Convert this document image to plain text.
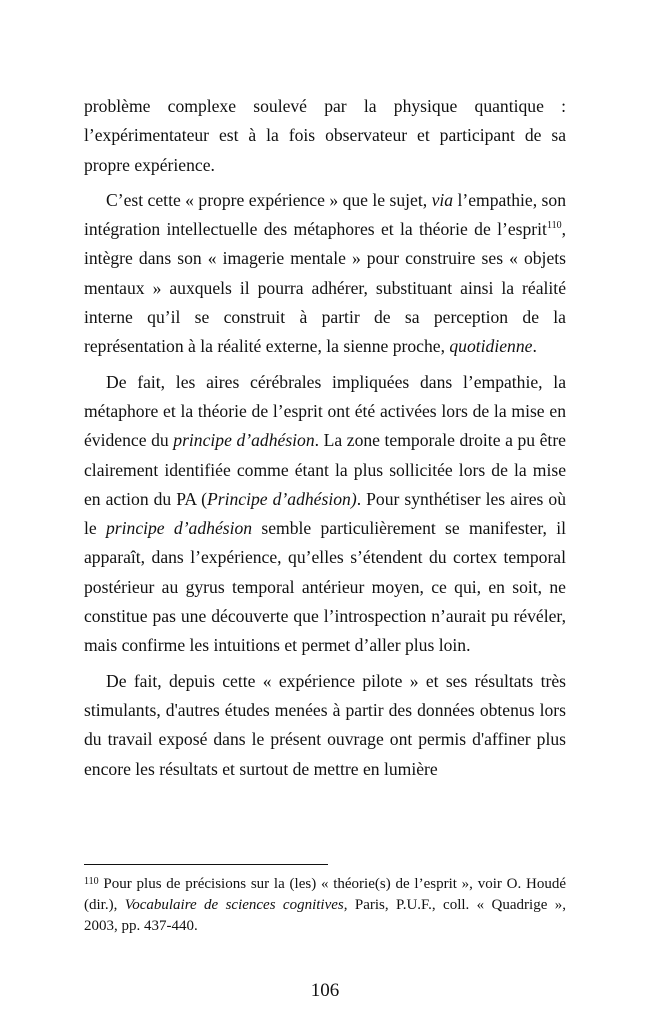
problème complexe soulevé par la physique quantique : l’expérimentateur est à la fois observateur et participant de sa propre expérience.

C’est cette « propre expérience » que le sujet, via l’empathie, son intégration intellectuelle des métaphores et la théorie de l’esprit$^{110}$, intègre dans son « imagerie mentale » pour construire ses « objets mentaux » auxquels il pourra adhérer, substituant ainsi la réalité interne qu’il se construit à partir de sa perception de la représentation à la réalité externe, la sienne proche, quotidienne.

De fait, les aires cérébrales impliquées dans l’empathie, la métaphore et la théorie de l’esprit ont été activées lors de la mise en évidence du principe d’adhésion. La zone temporale droite a pu être clairement identifiée comme étant la plus sollicitée lors de la mise en action du PA (Principe d’adhésion). Pour synthétiser les aires où le principe d’adhésion semble particulièrement se manifester, il apparaît, dans l’expérience, qu’elles s’étendent du cortex temporal postérieur au gyrus temporal antérieur moyen, ce qui, en soit, ne constitue pas une découverte que l’introspection n’aurait pu révéler, mais confirme les intuitions et permet d’aller plus loin.

De fait, depuis cette « expérience pilote » et ses résultats très stimulants, d'autres études menées à partir des données obtenus lors du travail exposé dans le présent ouvrage ont permis d'affiner plus encore les résultats et surtout de mettre en lumière

$^{110}$ Pour plus de précisions sur la (les) « théorie(s) de l’esprit », voir O. Houdé (dir.), Vocabulaire de sciences cognitives, Paris, P.U.F., coll. « Quadrige », 2003, pp. 437-440.

106
